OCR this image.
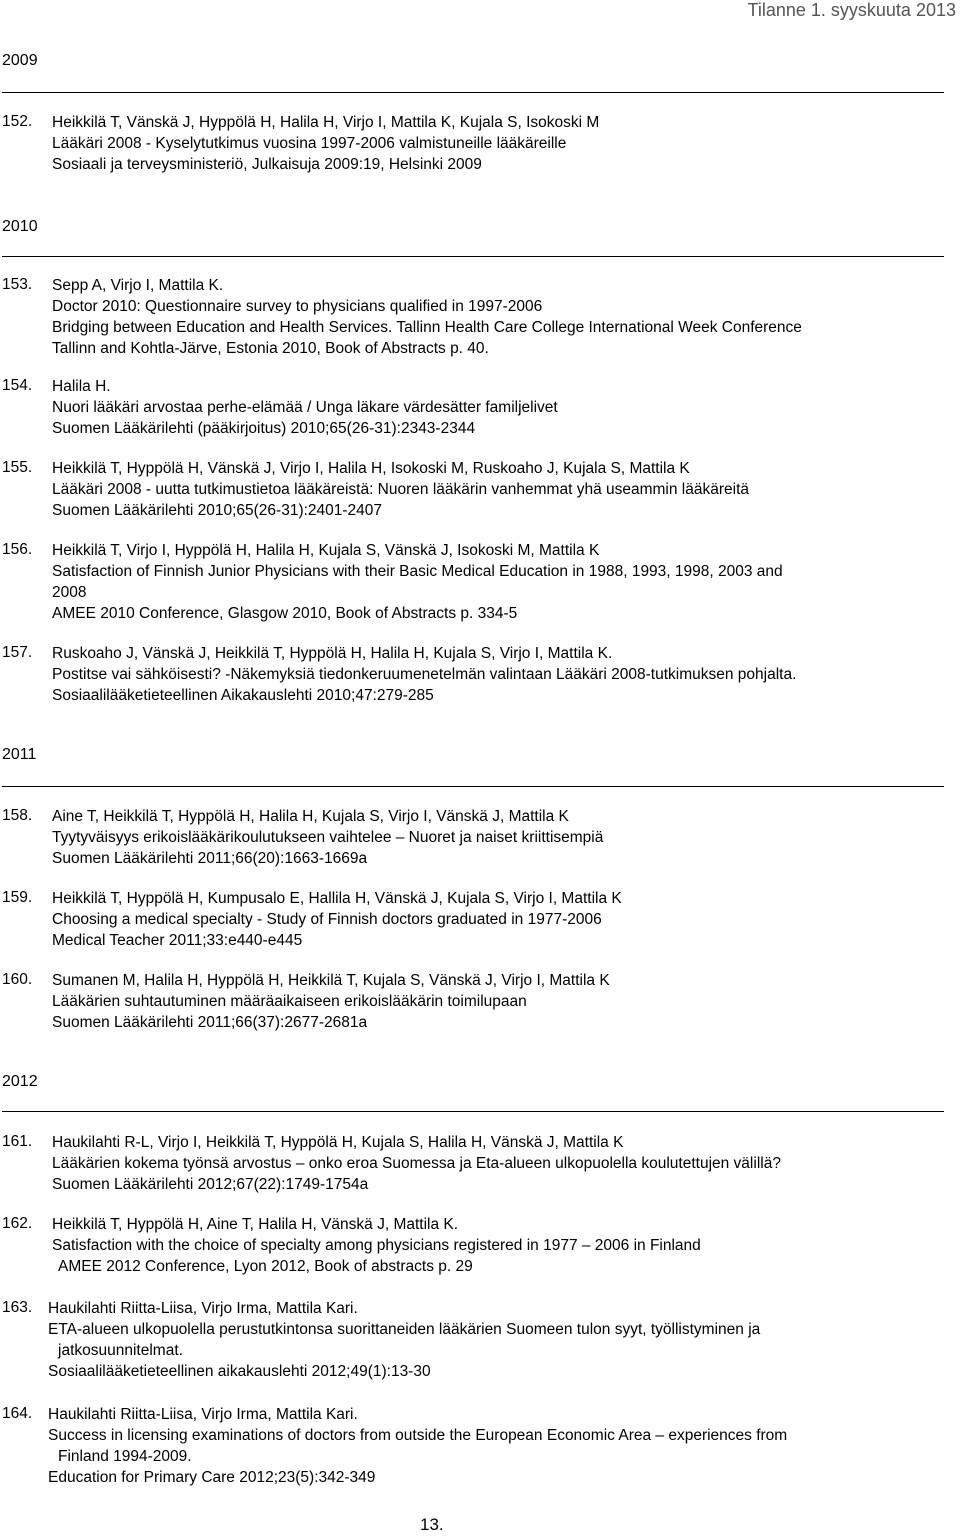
Tilanne 1. syyskuuta 2013
2009
152. Heikkilä T, Vänskä J, Hyppölä H, Halila H, Virjo I, Mattila K, Kujala S, Isokoski M
Lääkäri 2008 - Kyselytutkimus vuosina 1997-2006 valmistuneille lääkäreille
Sosiaali ja terveysministeriö, Julkaisuja 2009:19, Helsinki 2009
2010
153. Sepp A, Virjo I, Mattila K.
Doctor 2010: Questionnaire survey to physicians qualified in 1997-2006
Bridging between Education and Health Services. Tallinn Health Care College International Week Conference
Tallinn and Kohtla-Järve, Estonia 2010, Book of Abstracts p. 40.
154. Halila H.
Nuori lääkäri arvostaa perhe-elämää / Unga läkare värdesätter familjelivet
Suomen Lääkärilehti (pääkirjoitus) 2010;65(26-31):2343-2344
155. Heikkilä T, Hyppölä H, Vänskä J, Virjo I, Halila H, Isokoski M, Ruskoaho J, Kujala S, Mattila K
Lääkäri 2008 - uutta tutkimustietoa lääkäreistä: Nuoren lääkärin vanhemmat yhä useammin lääkäreitä
Suomen Lääkärilehti 2010;65(26-31):2401-2407
156. Heikkilä T, Virjo I, Hyppölä H, Halila H, Kujala S, Vänskä J, Isokoski M, Mattila K
Satisfaction of Finnish Junior Physicians with their Basic Medical Education in 1988, 1993, 1998, 2003 and
2008
AMEE 2010 Conference, Glasgow 2010, Book of Abstracts p. 334-5
157. Ruskoaho J, Vänskä J, Heikkilä T, Hyppölä H, Halila H, Kujala S, Virjo I, Mattila K.
Postitse vai sähköisesti? -Näkemyksiä tiedonkeruumenetelmän valintaan Lääkäri 2008-tutkimuksen pohjalta.
Sosiaalilääketieteellinen Aikakauslehti 2010;47:279-285
2011
158. Aine T, Heikkilä T, Hyppölä H, Halila H, Kujala S, Virjo I, Vänskä J, Mattila K
Tyytyväisyys erikoislääkärikoulutukseen vaihtelee – Nuoret ja naiset kriittisempiä
Suomen Lääkärilehti 2011;66(20):1663-1669a
159. Heikkilä T, Hyppölä H, Kumpusalo E, Hallila H, Vänskä J, Kujala S, Virjo I, Mattila K
Choosing a medical specialty - Study of Finnish doctors graduated in 1977-2006
Medical Teacher 2011;33:e440-e445
160. Sumanen M, Halila H, Hyppölä H, Heikkilä T, Kujala S, Vänskä J, Virjo I, Mattila K
Lääkärien suhtautuminen määräaikaiseen erikoislääkärin toimilupaan
Suomen Lääkärilehti 2011;66(37):2677-2681a
2012
161. Haukilahti R-L, Virjo I, Heikkilä T, Hyppölä H, Kujala S, Halila H, Vänskä J, Mattila K
Lääkärien kokema työnsä arvostus – onko eroa Suomessa ja Eta-alueen ulkopuolella koulutettujen välillä?
Suomen Lääkärilehti 2012;67(22):1749-1754a
162. Heikkilä T, Hyppölä H, Aine T, Halila H, Vänskä J, Mattila K.
Satisfaction with the choice of specialty among physicians registered in 1977 – 2006 in Finland
AMEE 2012 Conference, Lyon 2012, Book of abstracts p. 29
163. Haukilahti Riitta-Liisa, Virjo Irma, Mattila Kari.
ETA-alueen ulkopuolella perustutkintonsa suorittaneiden lääkärien Suomeen tulon syyt, työllistyminen ja
jatkosuunnitelmat.
Sosiaalilääketieteellinen aikakauslehti 2012;49(1):13-30
164. Haukilahti Riitta-Liisa, Virjo Irma, Mattila Kari.
Success in licensing examinations of doctors from outside the European Economic Area – experiences from
Finland 1994-2009.
Education for Primary Care 2012;23(5):342-349
13.
